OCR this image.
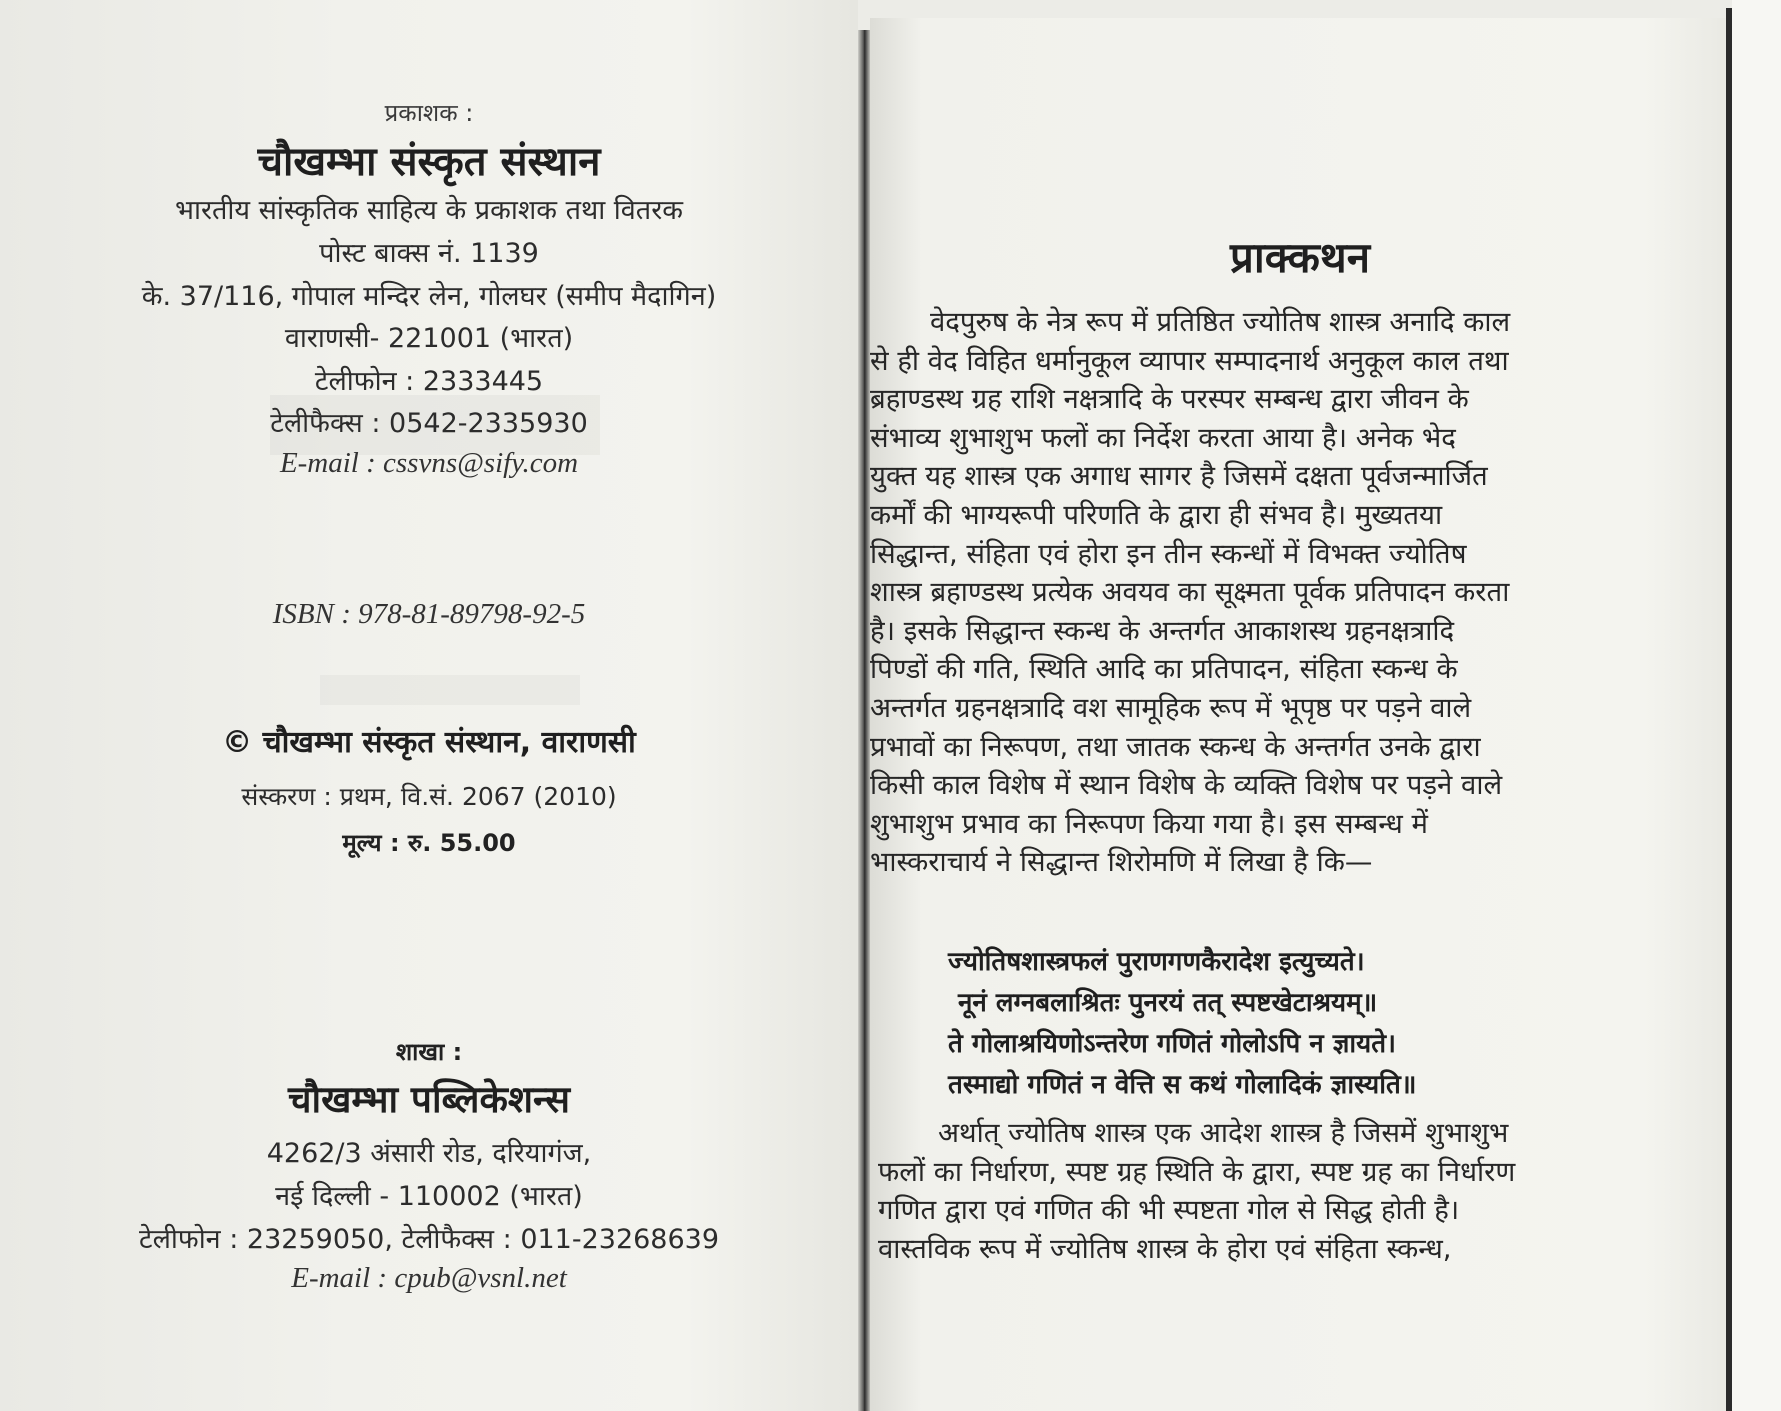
प्रकाशक :
चौखम्भा संस्कृत संस्थान
भारतीय सांस्कृतिक साहित्य के प्रकाशक तथा वितरक
पोस्ट बाक्स नं. 1139
के. 37/116, गोपाल मन्दिर लेन, गोलघर (समीप मैदागिन)
वाराणसी- 221001 (भारत)
टेलीफोन : 2333445
टेलीफैक्स : 0542-2335930
E-mail : cssvns@sify.com
ISBN : 978-81-89798-92-5
© चौखम्भा संस्कृत संस्थान, वाराणसी
संस्करण : प्रथम, वि.सं. 2067 (2010)
मूल्य : रु. 55.00
शाखा :
चौखम्भा पब्लिकेशन्स
4262/3 अंसारी रोड, दरियागंज,
नई दिल्ली - 110002 (भारत)
टेलीफोन : 23259050, टेलीफैक्स : 011-23268639
E-mail : cpub@vsnl.net
प्राक्कथन
वेदपुरुष के नेत्र रूप में प्रतिष्ठित ज्योतिष शास्त्र अनादि काल
से ही वेद विहित धर्मानुकूल व्यापार सम्पादनार्थ अनुकूल काल तथा
ब्रहाण्डस्थ ग्रह राशि नक्षत्रादि के परस्पर सम्बन्ध द्वारा जीवन के
संभाव्य शुभाशुभ फलों का निर्देश करता आया है। अनेक भेद
युक्त यह शास्त्र एक अगाध सागर है जिसमें दक्षता पूर्वजन्मार्जित
कर्मों की भाग्यरूपी परिणति के द्वारा ही संभव है। मुख्यतया
सिद्धान्त, संहिता एवं होरा इन तीन स्कन्धों में विभक्त ज्योतिष
शास्त्र ब्रहाण्डस्थ प्रत्येक अवयव का सूक्ष्मता पूर्वक प्रतिपादन करता
है। इसके सिद्धान्त स्कन्ध के अन्तर्गत आकाशस्थ ग्रहनक्षत्रादि
पिण्डों की गति, स्थिति आदि का प्रतिपादन, संहिता स्कन्ध के
अन्तर्गत ग्रहनक्षत्रादि वश सामूहिक रूप में भूपृष्ठ पर पड़ने वाले
प्रभावों का निरूपण, तथा जातक स्कन्ध के अन्तर्गत उनके द्वारा
किसी काल विशेष में स्थान विशेष के व्यक्ति विशेष पर पड़ने वाले
शुभाशुभ प्रभाव का निरूपण किया गया है। इस सम्बन्ध में
भास्कराचार्य ने सिद्धान्त शिरोमणि में लिखा है कि—
ज्योतिषशास्त्रफलं पुराणगणकैरादेश इत्युच्यते।
नूनं लग्नबलाश्रितः पुनरयं तत् स्पष्टखेटाश्रयम्॥
ते गोलाश्रयिणोऽन्तरेण गणितं गोलोऽपि न ज्ञायते।
तस्माद्यो गणितं न वेत्ति स कथं गोलादिकं ज्ञास्यति॥
अर्थात् ज्योतिष शास्त्र एक आदेश शास्त्र है जिसमें शुभाशुभ
फलों का निर्धारण, स्पष्ट ग्रह स्थिति के द्वारा, स्पष्ट ग्रह का निर्धारण
गणित द्वारा एवं गणित की भी स्पष्टता गोल से सिद्ध होती है।
वास्तविक रूप में ज्योतिष शास्त्र के होरा एवं संहिता स्कन्ध,
